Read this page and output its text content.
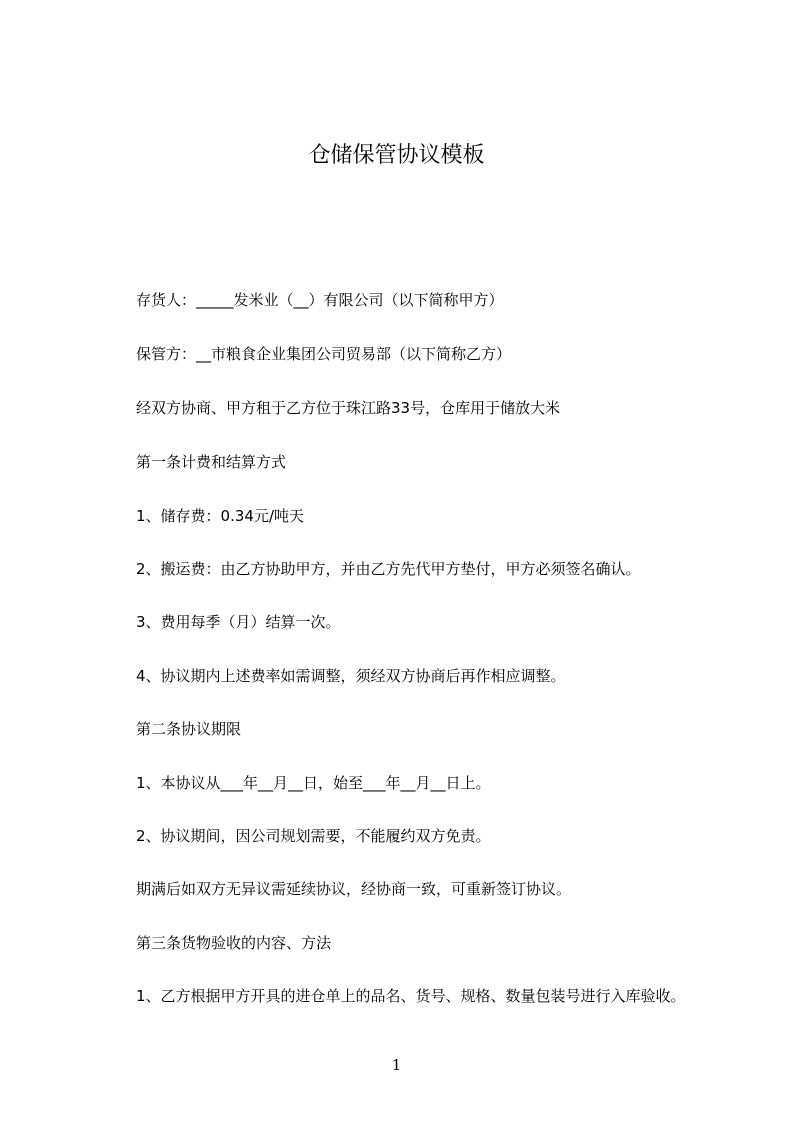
仓储保管协议模板
存货人：_____发米业（__）有限公司（以下简称甲方）
保管方：__市粮食企业集团公司贸易部（以下简称乙方）
经双方协商、甲方租于乙方位于珠江路33号，仓库用于储放大米
第一条计费和结算方式
1、储存费：0.34元/吨天
2、搬运费：由乙方协助甲方，并由乙方先代甲方垫付，甲方必须签名确认。
3、费用每季（月）结算一次。
4、协议期内上述费率如需调整，须经双方协商后再作相应调整。
第二条协议期限
1、本协议从___年__月__日，始至___年__月__日上。
2、协议期间，因公司规划需要，不能履约双方免责。
期满后如双方无异议需延续协议，经协商一致，可重新签订协议。
第三条货物验收的内容、方法
1、乙方根据甲方开具的进仓单上的品名、货号、规格、数量包装号进行入库验收。
1
